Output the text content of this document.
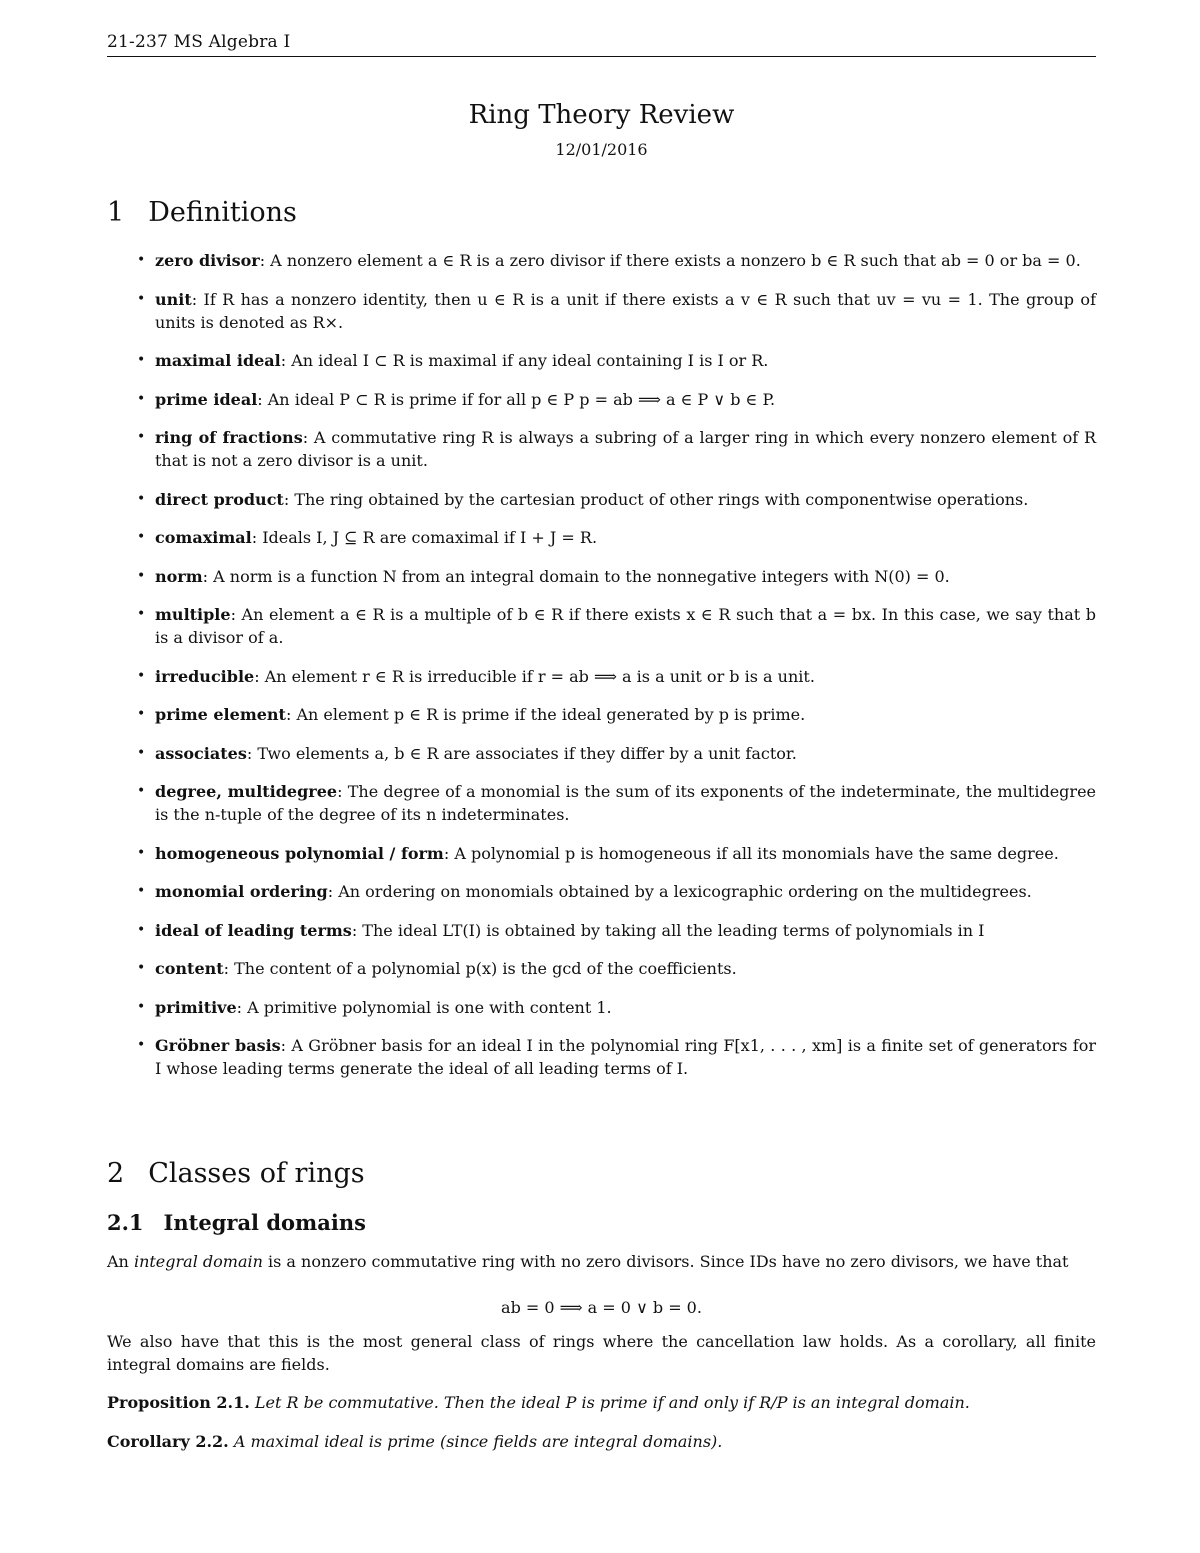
21-237 MS Algebra I
Ring Theory Review
12/01/2016
1 Definitions
• zero divisor: A nonzero element a ∈ R is a zero divisor if there exists a nonzero b ∈ R such that ab = 0 or ba = 0.
• unit: If R has a nonzero identity, then u ∈ R is a unit if there exists a v ∈ R such that uv = vu = 1. The group of units is denoted as R×.
• maximal ideal: An ideal I ⊂ R is maximal if any ideal containing I is I or R.
• prime ideal: An ideal P ⊂ R is prime if for all p ∈ P p = ab ⟹ a ∈ P ∨ b ∈ P.
• ring of fractions: A commutative ring R is always a subring of a larger ring in which every nonzero element of R that is not a zero divisor is a unit.
• direct product: The ring obtained by the cartesian product of other rings with componentwise operations.
• comaximal: Ideals I, J ⊆ R are comaximal if I + J = R.
• norm: A norm is a function N from an integral domain to the nonnegative integers with N(0) = 0.
• multiple: An element a ∈ R is a multiple of b ∈ R if there exists x ∈ R such that a = bx. In this case, we say that b is a divisor of a.
• irreducible: An element r ∈ R is irreducible if r = ab ⟹ a is a unit or b is a unit.
• prime element: An element p ∈ R is prime if the ideal generated by p is prime.
• associates: Two elements a, b ∈ R are associates if they differ by a unit factor.
• degree, multidegree: The degree of a monomial is the sum of its exponents of the indeterminate, the multidegree is the n-tuple of the degree of its n indeterminates.
• homogeneous polynomial / form: A polynomial p is homogeneous if all its monomials have the same degree.
• monomial ordering: An ordering on monomials obtained by a lexicographic ordering on the multidegrees.
• ideal of leading terms: The ideal LT(I) is obtained by taking all the leading terms of polynomials in I
• content: The content of a polynomial p(x) is the gcd of the coefficients.
• primitive: A primitive polynomial is one with content 1.
• Gröbner basis: A Gröbner basis for an ideal I in the polynomial ring F[x1, . . . , xm] is a finite set of generators for I whose leading terms generate the ideal of all leading terms of I.
2 Classes of rings
2.1 Integral domains
An integral domain is a nonzero commutative ring with no zero divisors. Since IDs have no zero divisors, we have that
ab = 0 ⟹ a = 0 ∨ b = 0.
We also have that this is the most general class of rings where the cancellation law holds. As a corollary, all finite integral domains are fields.
Proposition 2.1. Let R be commutative. Then the ideal P is prime if and only if R/P is an integral domain.
Corollary 2.2. A maximal ideal is prime (since fields are integral domains).
